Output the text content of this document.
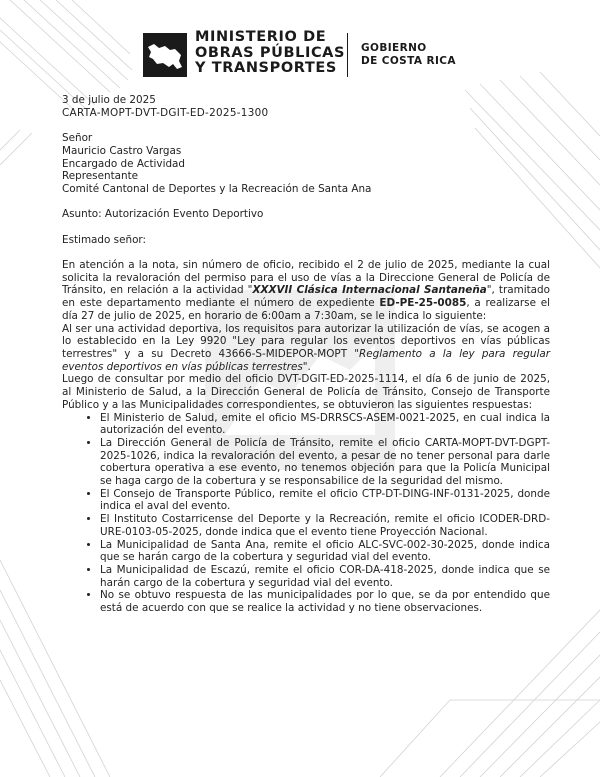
MINISTERIO DE
OBRAS PÚBLICAS
Y TRANSPORTES
GOBIERNO
DE COSTA RICA

3 de julio de 2025

CARTA-MOPT-DVT-DGIT-ED-2025-1300

Señor

Mauricio Castro Vargas

Encargado de Actividad

Representante

Comité Cantonal de Deportes y la Recreación de Santa Ana

Asunto: Autorización Evento Deportivo

Estimado señor:

En atención a la nota, sin número de oficio, recibido el 2 de julio de 2025, mediante la cual solicita la revaloración del permiso para el uso de vías a la Direccione General de Policía de Tránsito, en relación a la actividad "XXXVII Clásica Internacional Santaneña", tramitado en este departamento mediante el número de expediente ED-PE-25-0085, a realizarse el día 27 de julio de 2025, en horario de 6:00am a 7:30am, se le indica lo siguiente:

Al ser una actividad deportiva, los requisitos para autorizar la utilización de vías, se acogen a lo establecido en la Ley 9920 "Ley para regular los eventos deportivos en vías públicas terrestres" y a su Decreto 43666-S-MIDEPOR-MOPT "Reglamento a la ley para regular eventos deportivos en vías públicas terrestres".

Luego de consultar por medio del oficio DVT-DGIT-ED-2025-1114, el día 6 de junio de 2025, al Ministerio de Salud, a la Dirección General de Policía de Tránsito, Consejo de Transporte Público y a las Municipalidades correspondientes, se obtuvieron las siguientes respuestas:

• El Ministerio de Salud, emite el oficio MS-DRRSCS-ASEM-0021-2025, en cual indica la autorización del evento.
• La Dirección General de Policía de Tránsito, remite el oficio CARTA-MOPT-DVT-DGPT-2025-1026, indica la revaloración del evento, a pesar de no tener personal para darle cobertura operativa a ese evento, no tenemos objeción para que la Policía Municipal se haga cargo de la cobertura y se responsabilice de la seguridad del mismo.
• El Consejo de Transporte Público, remite el oficio CTP-DT-DING-INF-0131-2025, donde indica el aval del evento.
• El Instituto Costarricense del Deporte y la Recreación, remite el oficio ICODER-DRD-URE-0103-05-2025, donde indica que el evento tiene Proyección Nacional.
• La Municipalidad de Santa Ana, remite el oficio ALC-SVC-002-30-2025, donde indica que se harán cargo de la cobertura y seguridad vial del evento.
• La Municipalidad de Escazú, remite el oficio COR-DA-418-2025, donde indica que se harán cargo de la cobertura y seguridad vial del evento.
• No se obtuvo respuesta de las municipalidades por lo que, se da por entendido que está de acuerdo con que se realice la actividad y no tiene observaciones.
